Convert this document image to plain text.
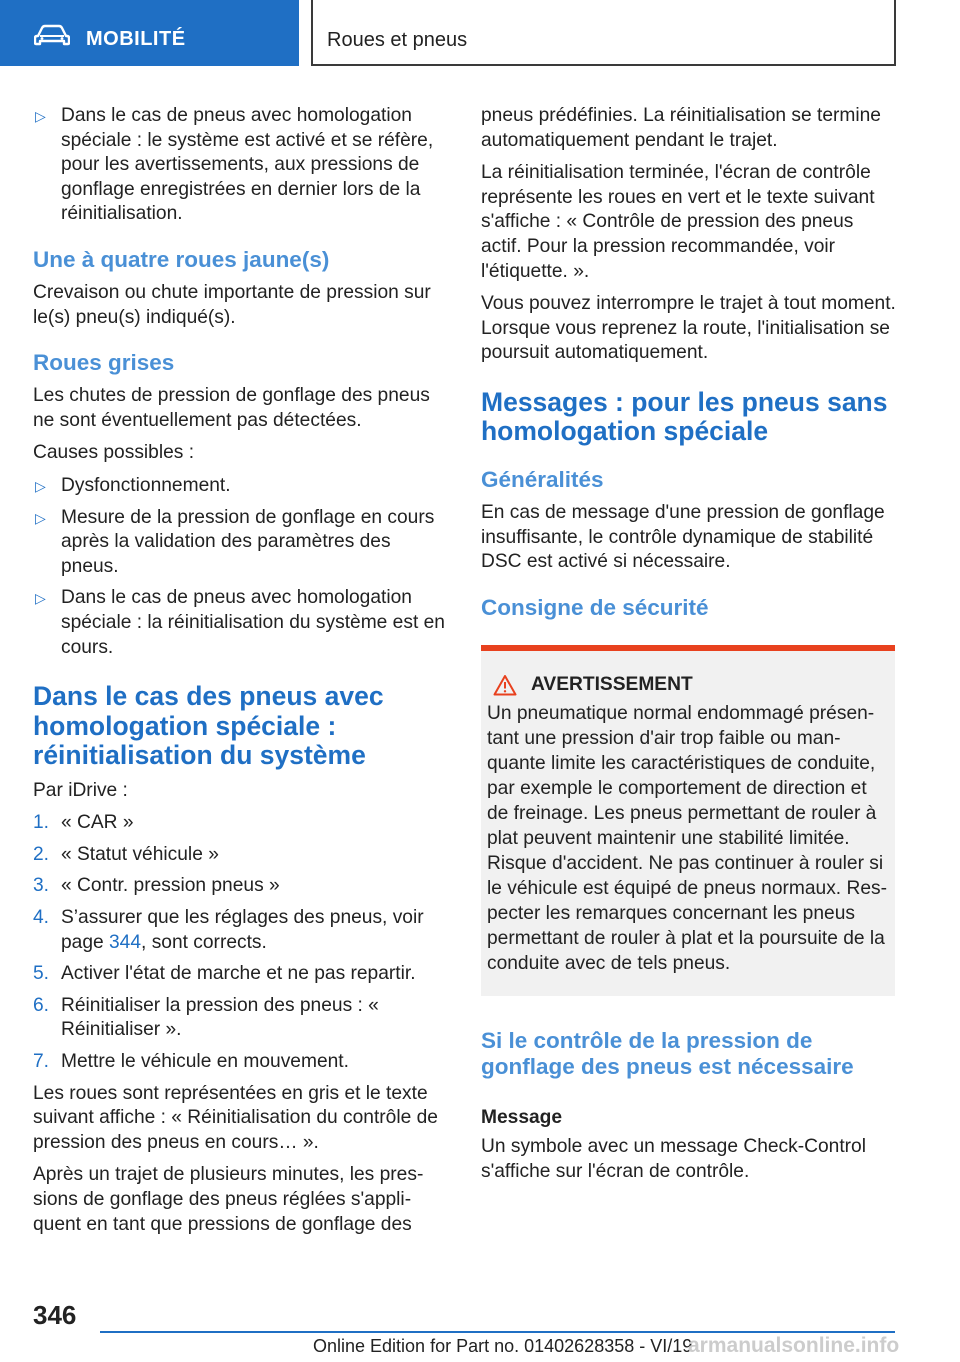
MOBILITÉ	Roues et pneus
▷ Dans le cas de pneus avec homologation spéciale : le système est activé et se réfère, pour les avertissements, aux pressions de gonflage enregistrées en dernier lors de la réinitialisation.
Une à quatre roues jaune(s)

Crevaison ou chute importante de pression sur le(s) pneu(s) indiqué(s).

Roues grises

Les chutes de pression de gonflage des pneus ne sont éventuellement pas détectées.

Causes possibles :

▷ Dysfonctionnement.
▷ Mesure de la pression de gonflage en cours après la validation des paramètres des pneus.
▷ Dans le cas de pneus avec homologation spéciale : la réinitialisation du système est en cours.
Dans le cas des pneus avec homologation spéciale : réinitialisation du système

Par iDrive :

1. « CAR »
2. « Statut véhicule »
3. « Contr. pression pneus »
4. S’assurer que les réglages des pneus, voir page 344, sont corrects.
5. Activer l'état de marche et ne pas repartir.
6. Réinitialiser la pression des pneus : « Réinitialiser ».
7. Mettre le véhicule en mouvement.

Les roues sont représentées en gris et le texte suivant affiche : « Réinitialisation du contrôle de pression des pneus en cours… ».

Après un trajet de plusieurs minutes, les pressions de gonflage des pneus réglées s'appliquent en tant que pressions de gonflage des

pneus prédéfinies. La réinitialisation se termine automatiquement pendant le trajet.

La réinitialisation terminée, l'écran de contrôle représente les roues en vert et le texte suivant s'affiche : « Contrôle de pression des pneus actif. Pour la pression recommandée, voir l'étiquette. ».

Vous pouvez interrompre le trajet à tout moment. Lorsque vous reprenez la route, l'initialisation se poursuit automatiquement.

Messages : pour les pneus sans homologation spéciale
Généralités

En cas de message d'une pression de gonflage insuffisante, le contrôle dynamique de stabilité DSC est activé si nécessaire.

Consigne de sécurité
AVERTISSEMENT

Un pneumatique normal endommagé présentant une pression d'air trop faible ou manquante limite les caractéristiques de conduite, par exemple le comportement de direction et de freinage. Les pneus permettant de rouler à plat peuvent maintenir une stabilité limitée. Risque d'accident. Ne pas continuer à rouler si le véhicule est équipé de pneus normaux. Respecter les remarques concernant les pneus permettant de rouler à plat et la poursuite de la conduite avec de tels pneus.

Si le contrôle de la pression de gonflage des pneus est nécessaire
Message

Un symbole avec un message Check-Control s'affiche sur l'écran de contrôle.

346
Online Edition for Part no. 01402628358 - VI/19
armanualsonline.info
